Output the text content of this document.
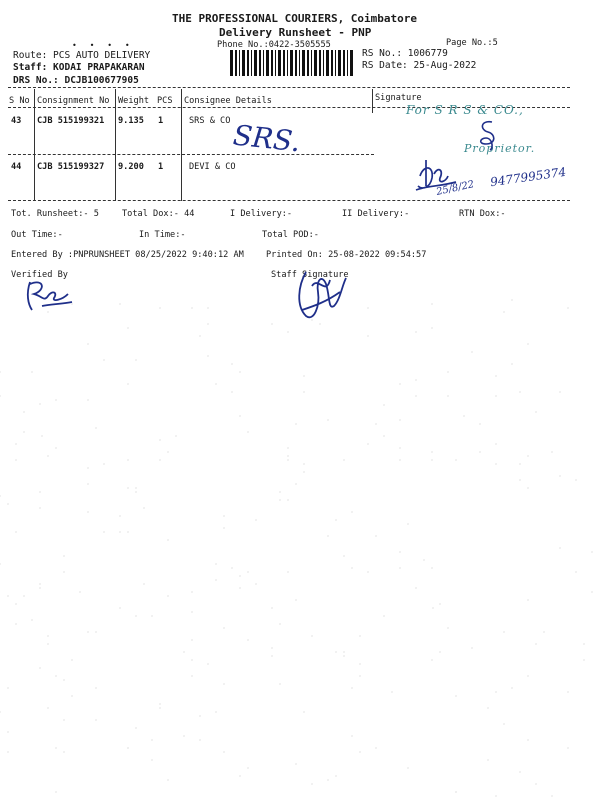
THE PROFESSIONAL COURIERS, Coimbatore
Delivery Runsheet - PNP
Phone No.:0422-3505555	Page No.:5
Route: PCS AUTO DELIVERY
Staff: KODAI PRAPAKARAN
DRS No.: DCJB100677905
RS No.: 1006779
RS Date: 25-Aug-2022
• • • •
S No Consignment No Weight PCS Consignee Details	Signature
43 CJB 515199321 9.135 1	SRS & CO
44 CJB 515199327 9.200 1	DEVI & CO
For S R S & CO.,
Proprietor.
SRS.
25/8/22 9477995374
Tot. Runsheet:- 5	Total Dox:- 44	I Delivery:-	II Delivery:-	RTN Dox:-
Out Time:-	In Time:-	Total POD:-
Entered By :PNPRUNSHEET 08/25/2022 9:40:12 AM	Printed On: 25-08-2022 09:54:57
Verified By	Staff Signature
